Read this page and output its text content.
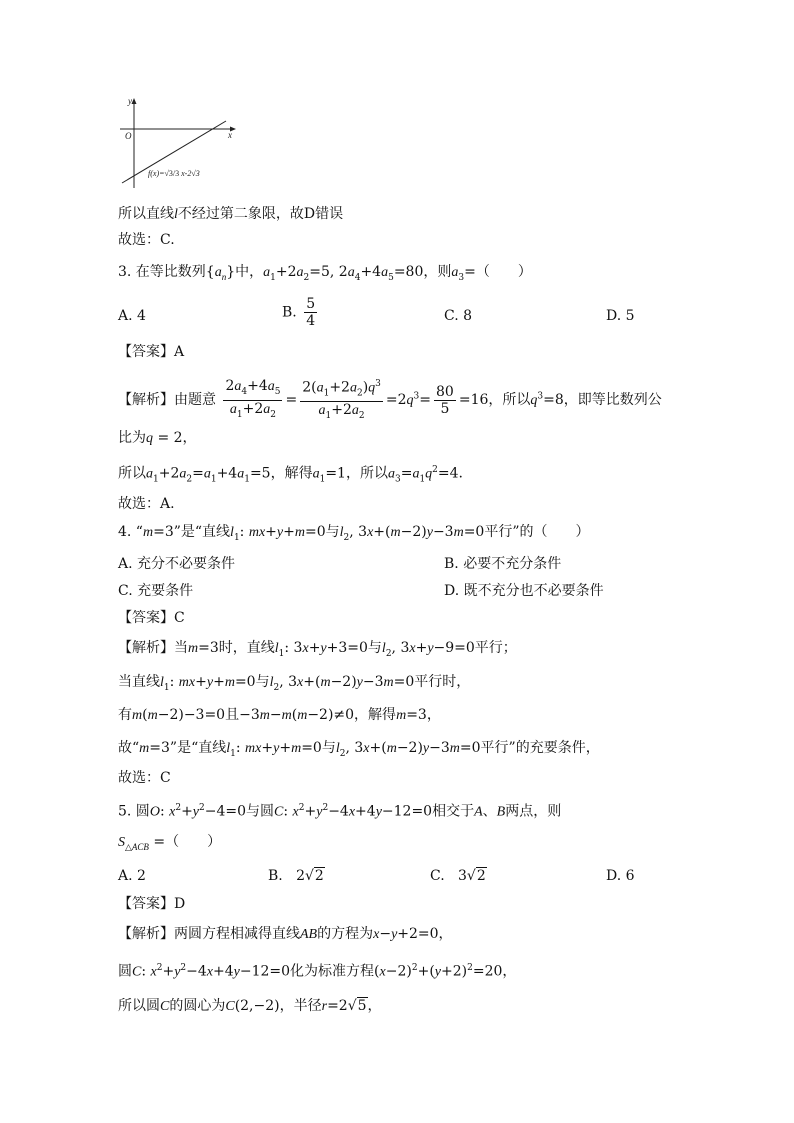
y
x
O
f(x)=√3/3 x-2√3
所以直线l不经过第二象限，故D错误
故选：C.
3. 在等比数列$\{a_n\}$中，$a_1+2a_2=5$, $2a_4+4a_5=80$，则$a_3=$（　　）
A. 4	B. $\frac{5}{4}$	C. 8	D. 5
【答案】A
【解析】由题意 $\frac{2a_4+4a_5}{a_1+2a_2} = \frac{2(a_1+2a_2)q^3}{a_1+2a_2} =2q^3= \frac{80}{5} =16$，所以$q^3=8$，即等比数列公
比为q = 2，
所以$a_1+2a_2=a_1+4a_1=5$，解得$a_1=1$，所以$a_3=a_1q^2=4$.
故选：A.
4. “m=3”是“直线$l_1$: mx+y+m=0与$l_2$, 3x+(m−2)y−3m=0平行”的（　　）
A. 充分不必要条件	B. 必要不充分条件
C. 充要条件	D. 既不充分也不必要条件
【答案】C
【解析】当m=3时，直线$l_1$: 3x+y+3=0与$l_2$, 3x+y−9=0平行；
当直线$l_1$: mx+y+m=0与$l_2$, 3x+(m−2)y−3m=0平行时，
有m(m−2)−3=0且−3m−m(m−2)≠0，解得m=3，
故“m=3”是“直线$l_1$: mx+y+m=0与$l_2$, 3x+(m−2)y−3m=0平行”的充要条件，
故选：C
5. 圆O: $x^2+y^2-4=0$与圆C: $x^2+y^2-4x+4y-12=0$相交于A、B两点，则
$S_{\triangle ACB}$ =（　　）
A. 2	B.   2√2	C.   3√2	D. 6
【答案】D
【解析】两圆方程相减得直线AB的方程为x−y+2=0，
圆C: $x^2+y^2-4x+4y-12=0$化为标准方程$(x-2)^2+(y+2)^2=20$，
所以圆C的圆心为C(2,−2)，半径r=2√5，
